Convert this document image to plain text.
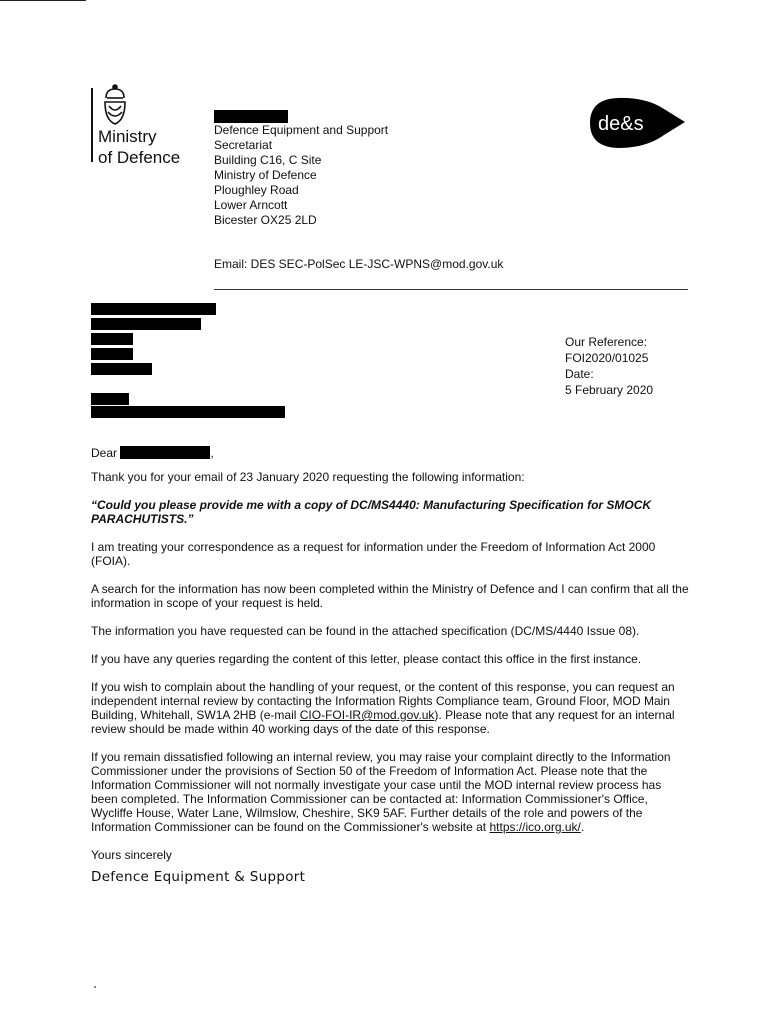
Ministry
of Defence
Defence Equipment and Support
Secretariat
Building C16, C Site
Ministry of Defence
Ploughley Road
Lower Arncott
Bicester OX25 2LD
de&s
Email: DES SEC-PolSec LE-JSC-WPNS@mod.gov.uk
Our Reference:
FOI2020/01025
Date:
5 February 2020

Dear	,

Thank you for your email of 23 January 2020 requesting the following information:

“Could you please provide me with a copy of DC/MS4440: Manufacturing Specification for SMOCK PARACHUTISTS.”

I am treating your correspondence as a request for information under the Freedom of Information Act 2000 (FOIA).

A search for the information has now been completed within the Ministry of Defence and I can confirm that all the information in scope of your request is held.

The information you have requested can be found in the attached specification (DC/MS/4440 Issue 08).

If you have any queries regarding the content of this letter, please contact this office in the first instance.

If you wish to complain about the handling of your request, or the content of this response, you can request an independent internal review by contacting the Information Rights Compliance team, Ground Floor, MOD Main Building, Whitehall, SW1A 2HB (e-mail CIO-FOI-IR@mod.gov.uk). Please note that any request for an internal review should be made within 40 working days of the date of this response.

If you remain dissatisfied following an internal review, you may raise your complaint directly to the Information Commissioner under the provisions of Section 50 of the Freedom of Information Act. Please note that the Information Commissioner will not normally investigate your case until the MOD internal review process has been completed. The Information Commissioner can be contacted at: Information Commissioner's Office, Wycliffe House, Water Lane, Wilmslow, Cheshire, SK9 5AF. Further details of the role and powers of the Information Commissioner can be found on the Commissioner's website at https://ico.org.uk/.

Yours sincerely

Defence Equipment & Support
